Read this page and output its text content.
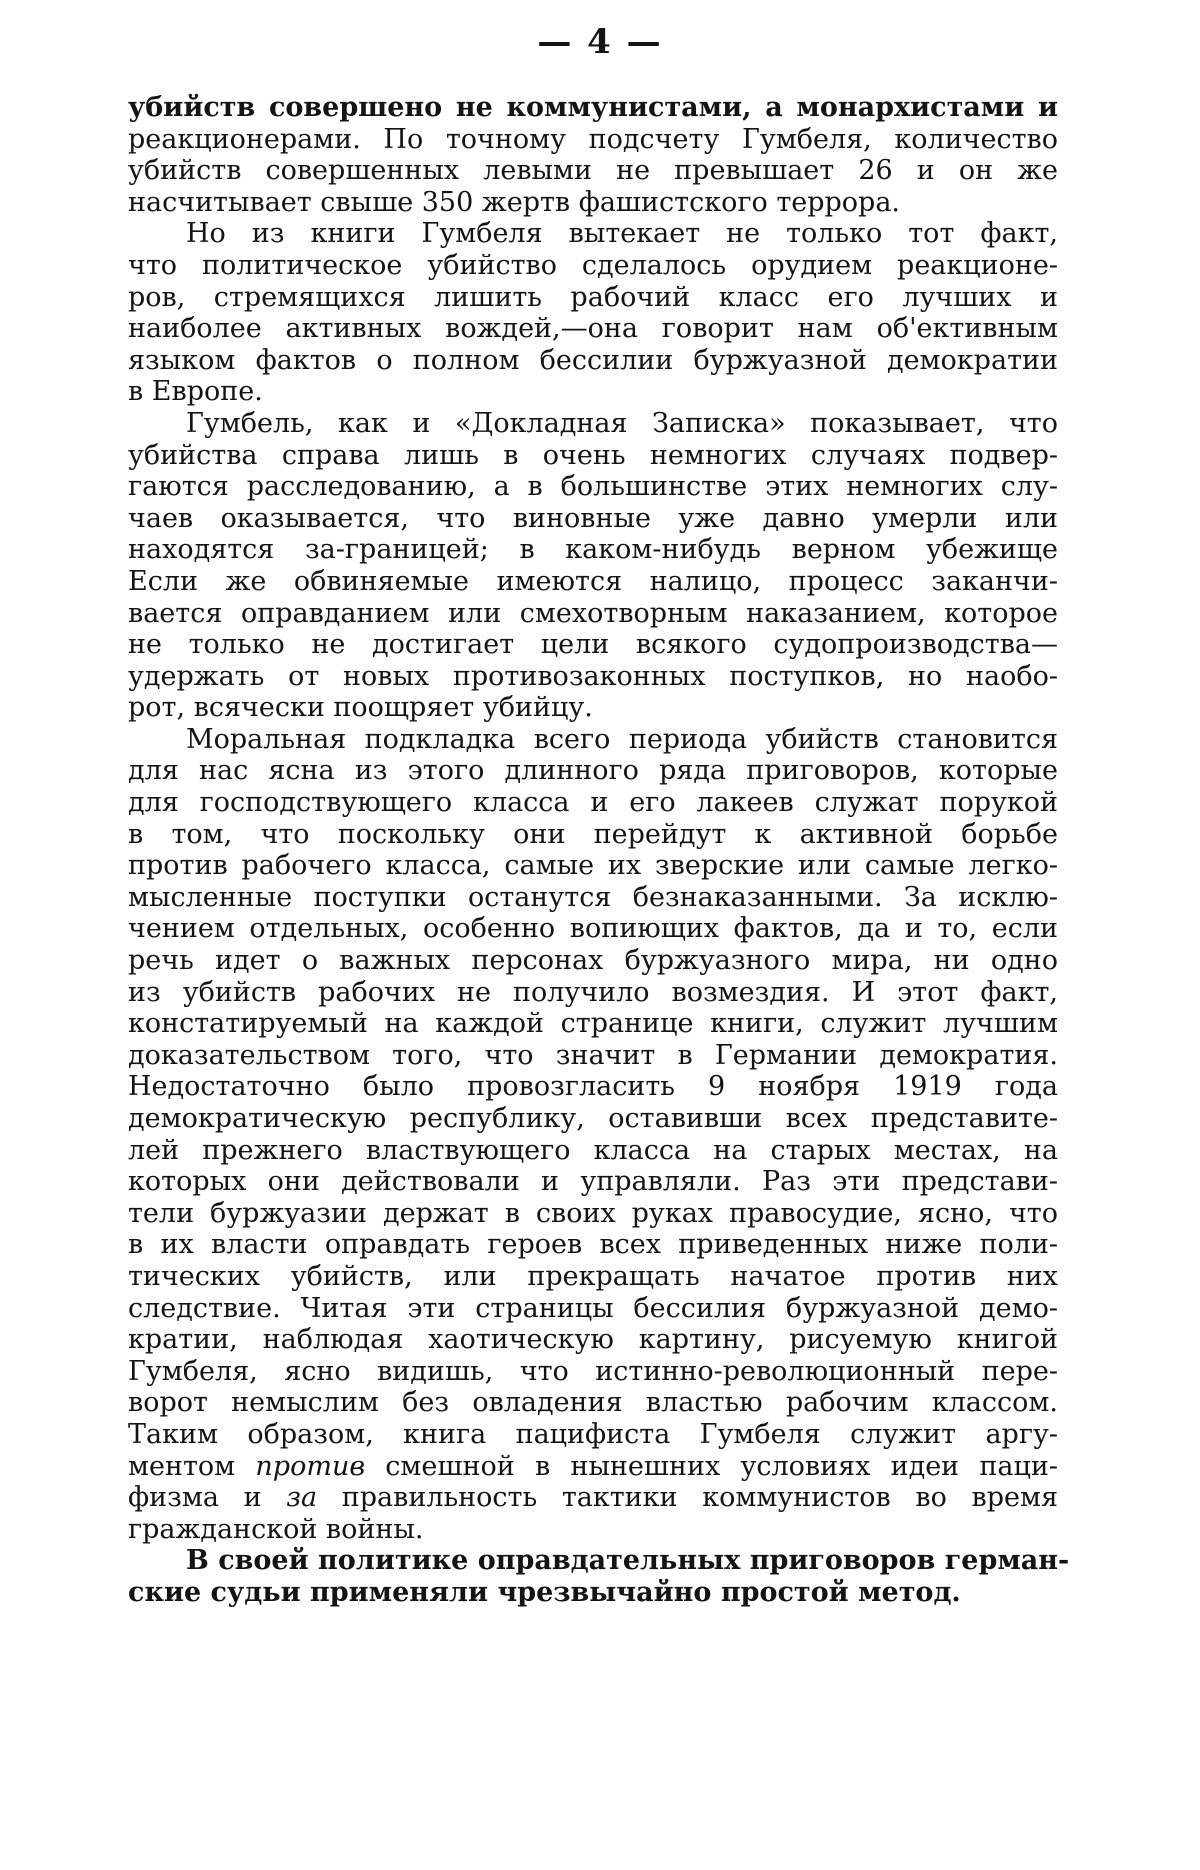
— 4 —
убийств совершено не коммунистами, а монархистами и
реакционерами. По точному подсчету Гумбеля, количество
убийств совершенных левыми не превышает 26 и он же
насчитывает свыше 350 жертв фашистского террора.
Но из книги Гумбеля вытекает не только тот факт,
что политическое убийство сделалось орудием реакционе-
ров, стремящихся лишить рабочий класс его лучших и
наиболее активных вождей,—она говорит нам об'ективным
языком фактов о полном бессилии буржуазной демократии
в Европе.
Гумбель, как и «Докладная Записка» показывает, что
убийства справа лишь в очень немногих случаях подвер-
гаются расследованию, а в большинстве этих немногих слу-
чаев оказывается, что виновные уже давно умерли или
находятся за-границей; в каком-нибудь верном убежище
Если же обвиняемые имеются налицо, процесс заканчи-
вается оправданием или смехотворным наказанием, которое
не только не достигает цели всякого судопроизводства—
удержать от новых противозаконных поступков, но наобо-
рот, всячески поощряет убийцу.
Моральная подкладка всего периода убийств становится
для нас ясна из этого длинного ряда приговоров, которые
для господствующего класса и его лакеев служат порукой
в том, что поскольку они перейдут к активной борьбе
против рабочего класса, самые их зверские или самые легко-
мысленные поступки останутся безнаказанными. За исклю-
чением отдельных, особенно вопиющих фактов, да и то, если
речь идет о важных персонах буржуазного мира, ни одно
из убийств рабочих не получило возмездия. И этот факт,
констатируемый на каждой странице книги, служит лучшим
доказательством того, что значит в Германии демократия.
Недостаточно было провозгласить 9 ноября 1919 года
демократическую республику, оставивши всех представите-
лей прежнего властвующего класса на старых местах, на
которых они действовали и управляли. Раз эти представи-
тели буржуазии держат в своих руках правосудие, ясно, что
в их власти оправдать героев всех приведенных ниже поли-
тических убийств, или прекращать начатое против них
следствие. Читая эти страницы бессилия буржуазной демо-
кратии, наблюдая хаотическую картину, рисуемую книгой
Гумбеля, ясно видишь, что истинно-революционный пере-
ворот немыслим без овладения властью рабочим классом.
Таким образом, книга пацифиста Гумбеля служит аргу-
ментом против смешной в нынешних условиях идеи паци-
физма и за правильность тактики коммунистов во время
гражданской войны.
В своей политике оправдательных приговоров герман-
ские судьи применяли чрезвычайно простой метод.
